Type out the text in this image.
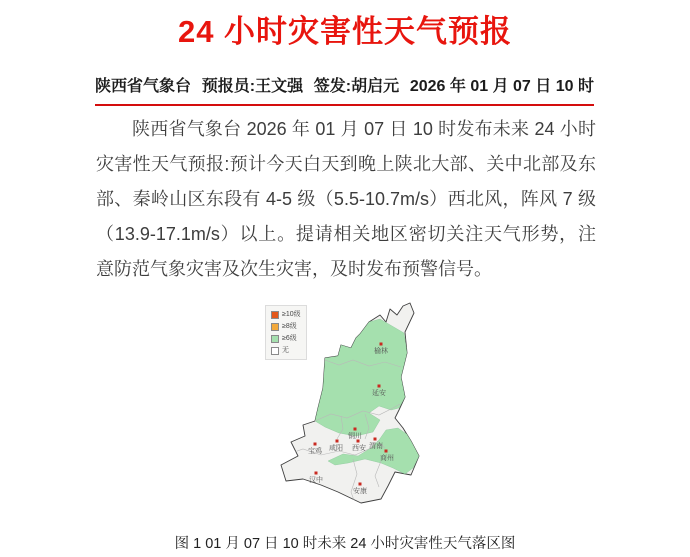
24 小时灾害性天气预报
陕西省气象台 预报员:王文强 签发:胡启元 2026 年 01 月 07 日 10 时

陕西省气象台 2026 年 01 月 07 日 10 时发布未来 24 小时灾害性天气预报:预计今天白天到晚上陕北大部、关中北部及东部、秦岭山区东段有 4-5 级（5.5-10.7m/s）西北风，阵风 7 级（13.9-17.1m/s）以上。提请相关地区密切关注天气形势，注意防范气象灾害及次生灾害，及时发布预警信号。

榆林
延安
铜川
宝鸡 咸阳 西安 渭南
商州
汉中
安康
≥10级
≥8级
≥6级
无
图 1 01 月 07 日 10 时未来 24 小时灾害性天气落区图
